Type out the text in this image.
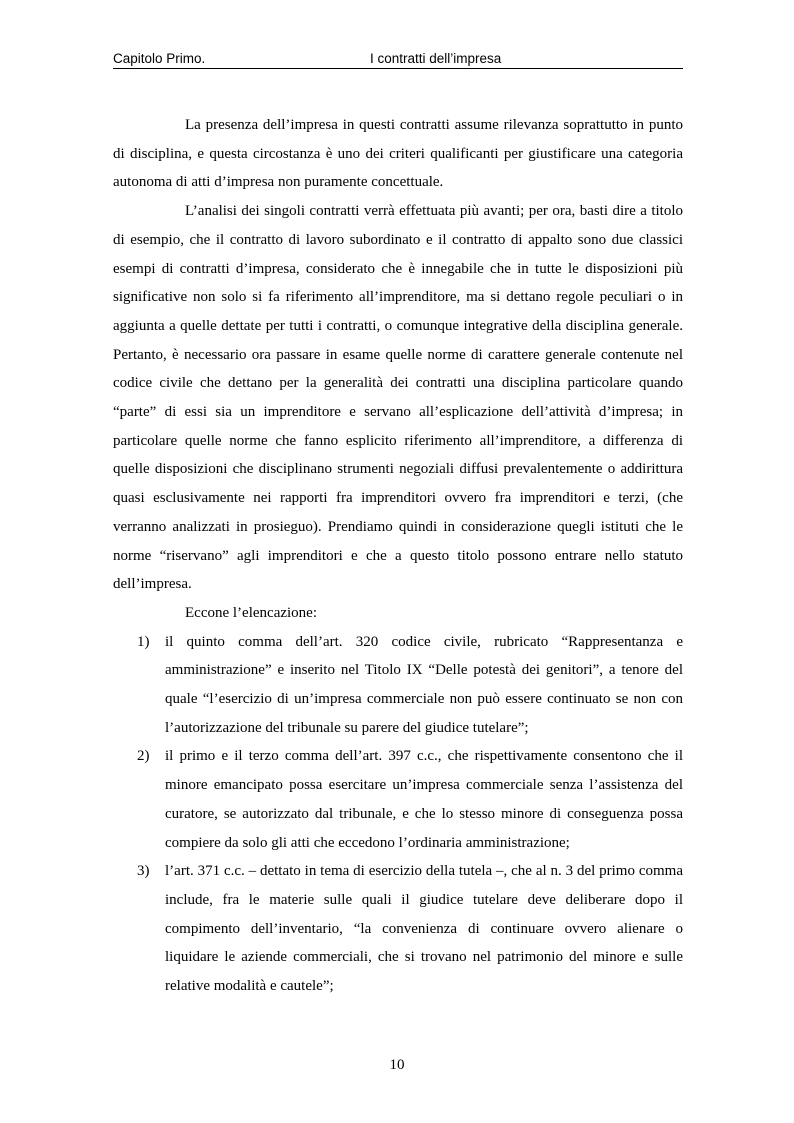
Capitolo Primo.	I contratti dell’impresa

La presenza dell’impresa in questi contratti assume rilevanza soprattutto in punto di disciplina, e questa circostanza è uno dei criteri qualificanti per giustificare una categoria autonoma di atti d’impresa non puramente concettuale.

L’analisi dei singoli contratti verrà effettuata più avanti; per ora, basti dire a titolo di esempio, che il contratto di lavoro subordinato e il contratto di appalto sono due classici esempi di contratti d’impresa, considerato che è innegabile che in tutte le disposizioni più significative non solo si fa riferimento all’imprenditore, ma si dettano regole peculiari o in aggiunta a quelle dettate per tutti i contratti, o comunque integrative della disciplina generale. Pertanto, è necessario ora passare in esame quelle norme di carattere generale contenute nel codice civile che dettano per la generalità dei contratti una disciplina particolare quando “parte” di essi sia un imprenditore e servano all’esplicazione dell’attività d’impresa; in particolare quelle norme che fanno esplicito riferimento all’imprenditore, a differenza di quelle disposizioni che disciplinano strumenti negoziali diffusi prevalentemente o addirittura quasi esclusivamente nei rapporti fra imprenditori ovvero fra imprenditori e terzi, (che verranno analizzati in prosieguo). Prendiamo quindi in considerazione quegli istituti che le norme “riservano” agli imprenditori e che a questo titolo possono entrare nello statuto dell’impresa.

Eccone l’elencazione:

1) il quinto comma dell’art. 320 codice civile, rubricato “Rappresentanza e amministrazione” e inserito nel Titolo IX “Delle potestà dei genitori”, a tenore del quale “l’esercizio di un’impresa commerciale non può essere continuato se non con l’autorizzazione del tribunale su parere del giudice tutelare”;
2) il primo e il terzo comma dell’art. 397 c.c., che rispettivamente consentono che il minore emancipato possa esercitare un’impresa commerciale senza l’assistenza del curatore, se autorizzato dal tribunale, e che lo stesso minore di conseguenza possa compiere da solo gli atti che eccedono l’ordinaria amministrazione;
3) l’art. 371 c.c. – dettato in tema di esercizio della tutela –, che al n. 3 del primo comma include, fra le materie sulle quali il giudice tutelare deve deliberare dopo il compimento dell’inventario, “la convenienza di continuare ovvero alienare o liquidare le aziende commerciali, che si trovano nel patrimonio del minore e sulle relative modalità e cautele”;
10
